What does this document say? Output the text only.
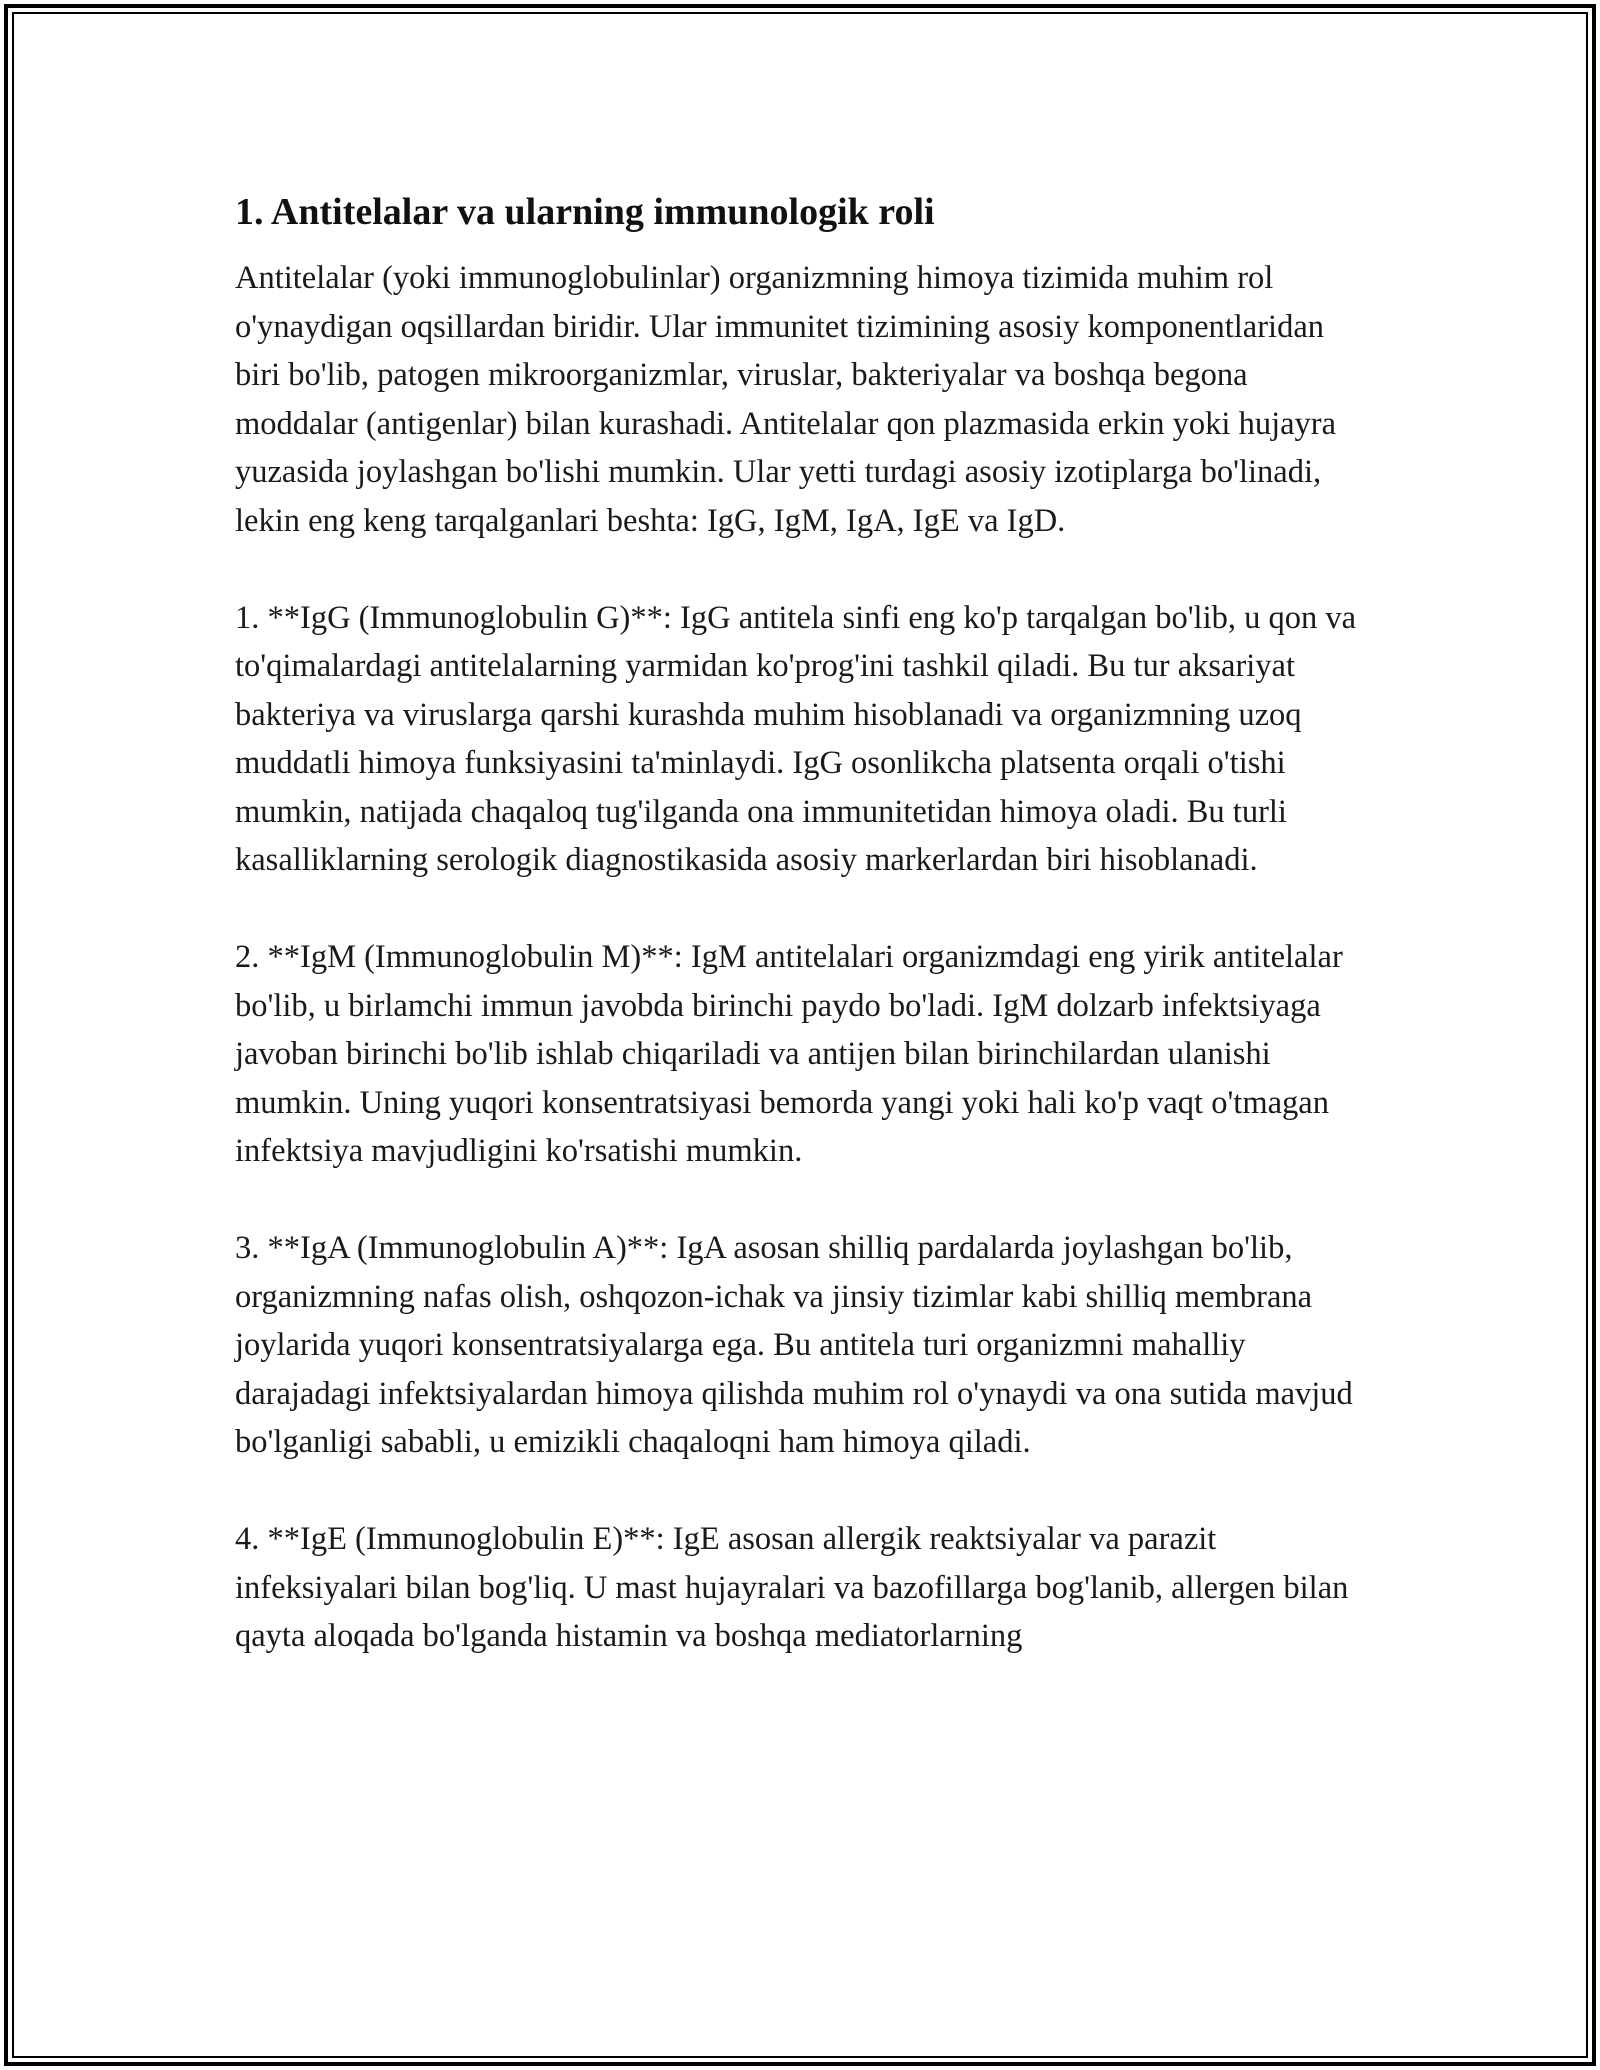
1. Antitelalar va ularning immunologik roli

Antitelalar (yoki immunoglobulinlar) organizmning himoya tizimida muhim rol o'ynaydigan oqsillardan biridir. Ular immunitet tizimining asosiy komponentlaridan biri bo'lib, patogen mikroorganizmlar, viruslar, bakteriyalar va boshqa begona moddalar (antigenlar) bilan kurashadi. Antitelalar qon plazmasida erkin yoki hujayra yuzasida joylashgan bo'lishi mumkin. Ular yetti turdagi asosiy izotiplarga bo'linadi, lekin eng keng tarqalganlari beshta: IgG, IgM, IgA, IgE va IgD.

1. **IgG (Immunoglobulin G)**: IgG antitela sinfi eng ko'p tarqalgan bo'lib, u qon va to'qimalardagi antitelalarning yarmidan ko'prog'ini tashkil qiladi. Bu tur aksariyat bakteriya va viruslarga qarshi kurashda muhim hisoblanadi va organizmning uzoq muddatli himoya funksiyasini ta'minlaydi. IgG osonlikcha platsenta orqali o'tishi mumkin, natijada chaqaloq tug'ilganda ona immunitetidan himoya oladi. Bu turli kasalliklarning serologik diagnostikasida asosiy markerlardan biri hisoblanadi.

2. **IgM (Immunoglobulin M)**: IgM antitelalari organizmdagi eng yirik antitelalar bo'lib, u birlamchi immun javobda birinchi paydo bo'ladi. IgM dolzarb infektsiyaga javoban birinchi bo'lib ishlab chiqariladi va antijen bilan birinchilardan ulanishi mumkin. Uning yuqori konsentratsiyasi bemorda yangi yoki hali ko'p vaqt o'tmagan infektsiya mavjudligini ko'rsatishi mumkin.

3. **IgA (Immunoglobulin A)**: IgA asosan shilliq pardalarda joylashgan bo'lib, organizmning nafas olish, oshqozon-ichak va jinsiy tizimlar kabi shilliq membrana joylarida yuqori konsentratsiyalarga ega. Bu antitela turi organizmni mahalliy darajadagi infektsiyalardan himoya qilishda muhim rol o'ynaydi va ona sutida mavjud bo'lganligi sababli, u emizikli chaqaloqni ham himoya qiladi.

4. **IgE (Immunoglobulin E)**: IgE asosan allergik reaktsiyalar va parazit infeksiyalari bilan bog'liq. U mast hujayralari va bazofillarga bog'lanib, allergen bilan qayta aloqada bo'lganda histamin va boshqa mediatorlarning
